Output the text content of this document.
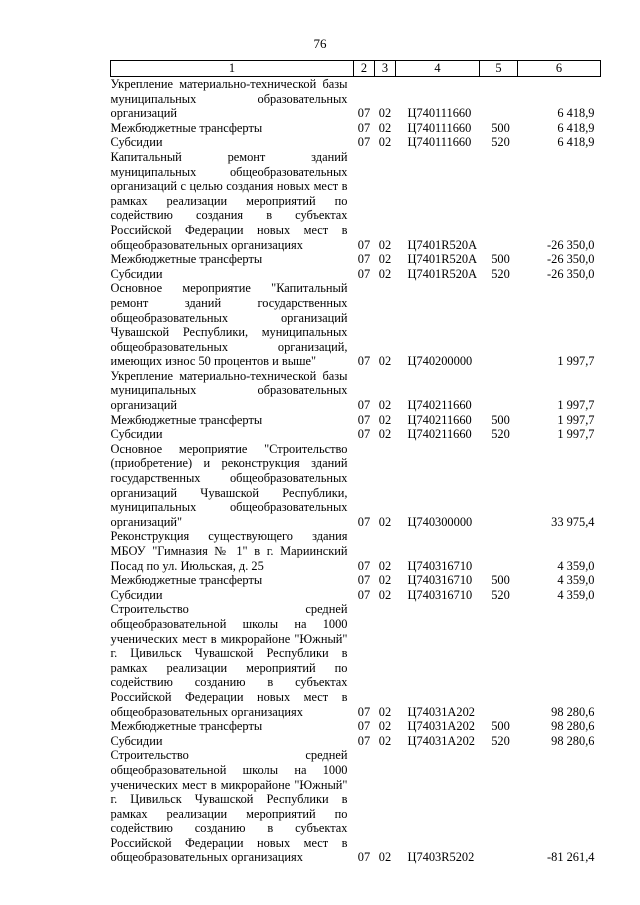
76
1	2	3	4	5	6
Укрепление материально-технической базы муниципальных образовательных организаций	07	02	Ц740111660		6 418,9
Межбюджетные трансферты	07	02	Ц740111660	500	6 418,9
Субсидии	07	02	Ц740111660	520	6 418,9
Капитальный ремонт зданий муниципальных общеобразовательных организаций с целью создания новых мест в рамках реализации мероприятий по содействию создания в субъектах Российской Федерации новых мест в общеобразовательных организациях	07	02	Ц7401R520A		-26 350,0
Межбюджетные трансферты	07	02	Ц7401R520A	500	-26 350,0
Субсидии	07	02	Ц7401R520A	520	-26 350,0
Основное мероприятие "Капитальный ремонт зданий государственных общеобразовательных организаций Чувашской Республики, муниципальных общеобразовательных организаций, имеющих износ 50 процентов и выше"	07	02	Ц740200000		1 997,7
Укрепление материально-технической базы муниципальных образовательных организаций	07	02	Ц740211660		1 997,7
Межбюджетные трансферты	07	02	Ц740211660	500	1 997,7
Субсидии	07	02	Ц740211660	520	1 997,7
Основное мероприятие "Строительство (приобретение) и реконструкция зданий государственных общеобразовательных организаций Чувашской Республики, муниципальных общеобразовательных организаций"	07	02	Ц740300000		33 975,4
Реконструкция существующего здания МБОУ "Гимназия № 1" в г. Мариинский Посад по ул. Июльская, д. 25	07	02	Ц740316710		4 359,0
Межбюджетные трансферты	07	02	Ц740316710	500	4 359,0
Субсидии	07	02	Ц740316710	520	4 359,0
Строительство средней общеобразовательной школы на 1000 ученических мест в микрорайоне "Южный" г. Цивильск Чувашской Республики в рамках реализации мероприятий по содействию созданию в субъектах Российской Федерации новых мест в общеобразовательных организациях	07	02	Ц74031А202		98 280,6
Межбюджетные трансферты	07	02	Ц74031А202	500	98 280,6
Субсидии	07	02	Ц74031А202	520	98 280,6
Строительство средней общеобразовательной школы на 1000 ученических мест в микрорайоне "Южный" г. Цивильск Чувашской Республики в рамках реализации мероприятий по содействию созданию в субъектах Российской Федерации новых мест в общеобразовательных организациях	07	02	Ц7403R5202		-81 261,4
